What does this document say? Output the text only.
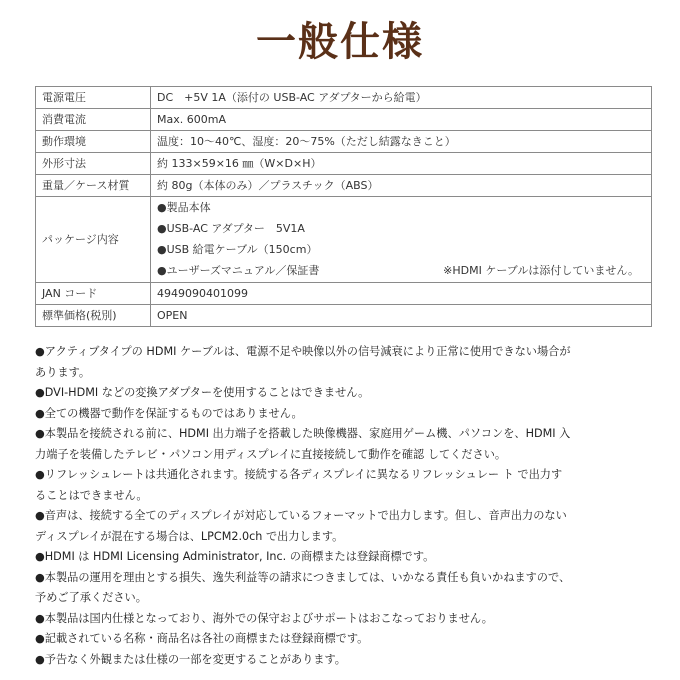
一般仕様
電源電圧	DC　+5V 1A（添付の USB-AC アダプターから給電）
消費電流	Max. 600mA
動作環境	温度：10～40℃、湿度：20～75%（ただし結露なきこと）
外形寸法	約 133×59×16 ㎜（W×D×H）
重量／ケース材質	約 80g（本体のみ）／プラスチック（ABS）
パッケージ内容	●製品本体
●USB-AC アダプター　5V1A
●USB 給電ケーブル（150cm）
●ユーザーズマニュアル／保証書 ※HDMI ケーブルは添付していません。

JAN コード	4949090401099
標準価格(税別)	OPEN

●アクティブタイプの HDMI ケーブルは、電源不足や映像以外の信号減衰により正常に使用できない場合が

あります。

●DVI-HDMI などの変換アダプターを使用することはできません。

●全ての機器で動作を保証するものではありません。

●本製品を接続される前に、HDMI 出力端子を搭載した映像機器、家庭用ゲーム機、パソコンを、HDMI 入

力端子を装備したテレビ・パソコン用ディスプレイに直接接続して動作を確認 してください。

●リフレッシュレートは共通化されます。接続する各ディスプレイに異なるリフレッシュレー ト で出力す

ることはできません。

●音声は、接続する全てのディスプレイが対応しているフォーマットで出力します。但し、音声出力のない

ディスプレイが混在する場合は、LPCM2.0ch で出力します。

●HDMI は HDMI Licensing Administrator, Inc. の商標または登録商標です。

●本製品の運用を理由とする損失、逸失利益等の請求につきましては、いかなる責任も負いかねますので、

予めご了承ください。

●本製品は国内仕様となっており、海外での保守およびサポートはおこなっておりません。

●記載されている名称・商品名は各社の商標または登録商標です。

●予告なく外観または仕様の一部を変更することがあります。
